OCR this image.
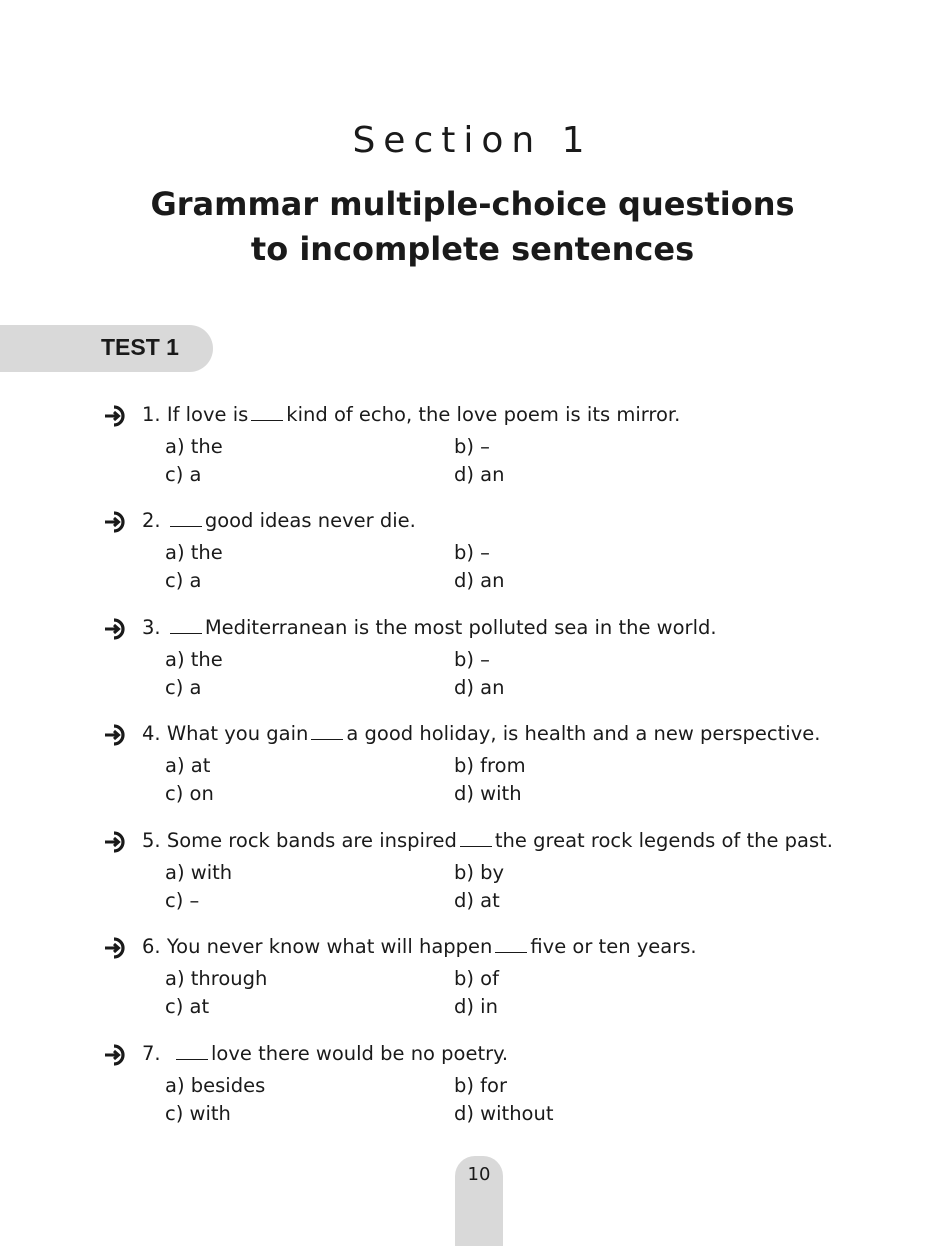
Section 1
Grammar multiple-choice questions
to incomplete sentences
TEST 1
1. If love is kind of echo, the love poem is its mirror.
a) the	b) –
c) a	d) an
2. good ideas never die.
a) the	b) –
c) a	d) an
3. Mediterranean is the most polluted sea in the world.
a) the	b) –
c) a	d) an
4. What you gain a good holiday, is health and a new perspective.
a) at	b) from
c) on	d) with
5. Some rock bands are inspired the great rock legends of the past.
a) with	b) by
c) –	d) at
6. You never know what will happen five or ten years.
a) through	b) of
c) at	d) in
7.	love there would be no poetry.
a) besides	b) for
c) with	d) without
10
